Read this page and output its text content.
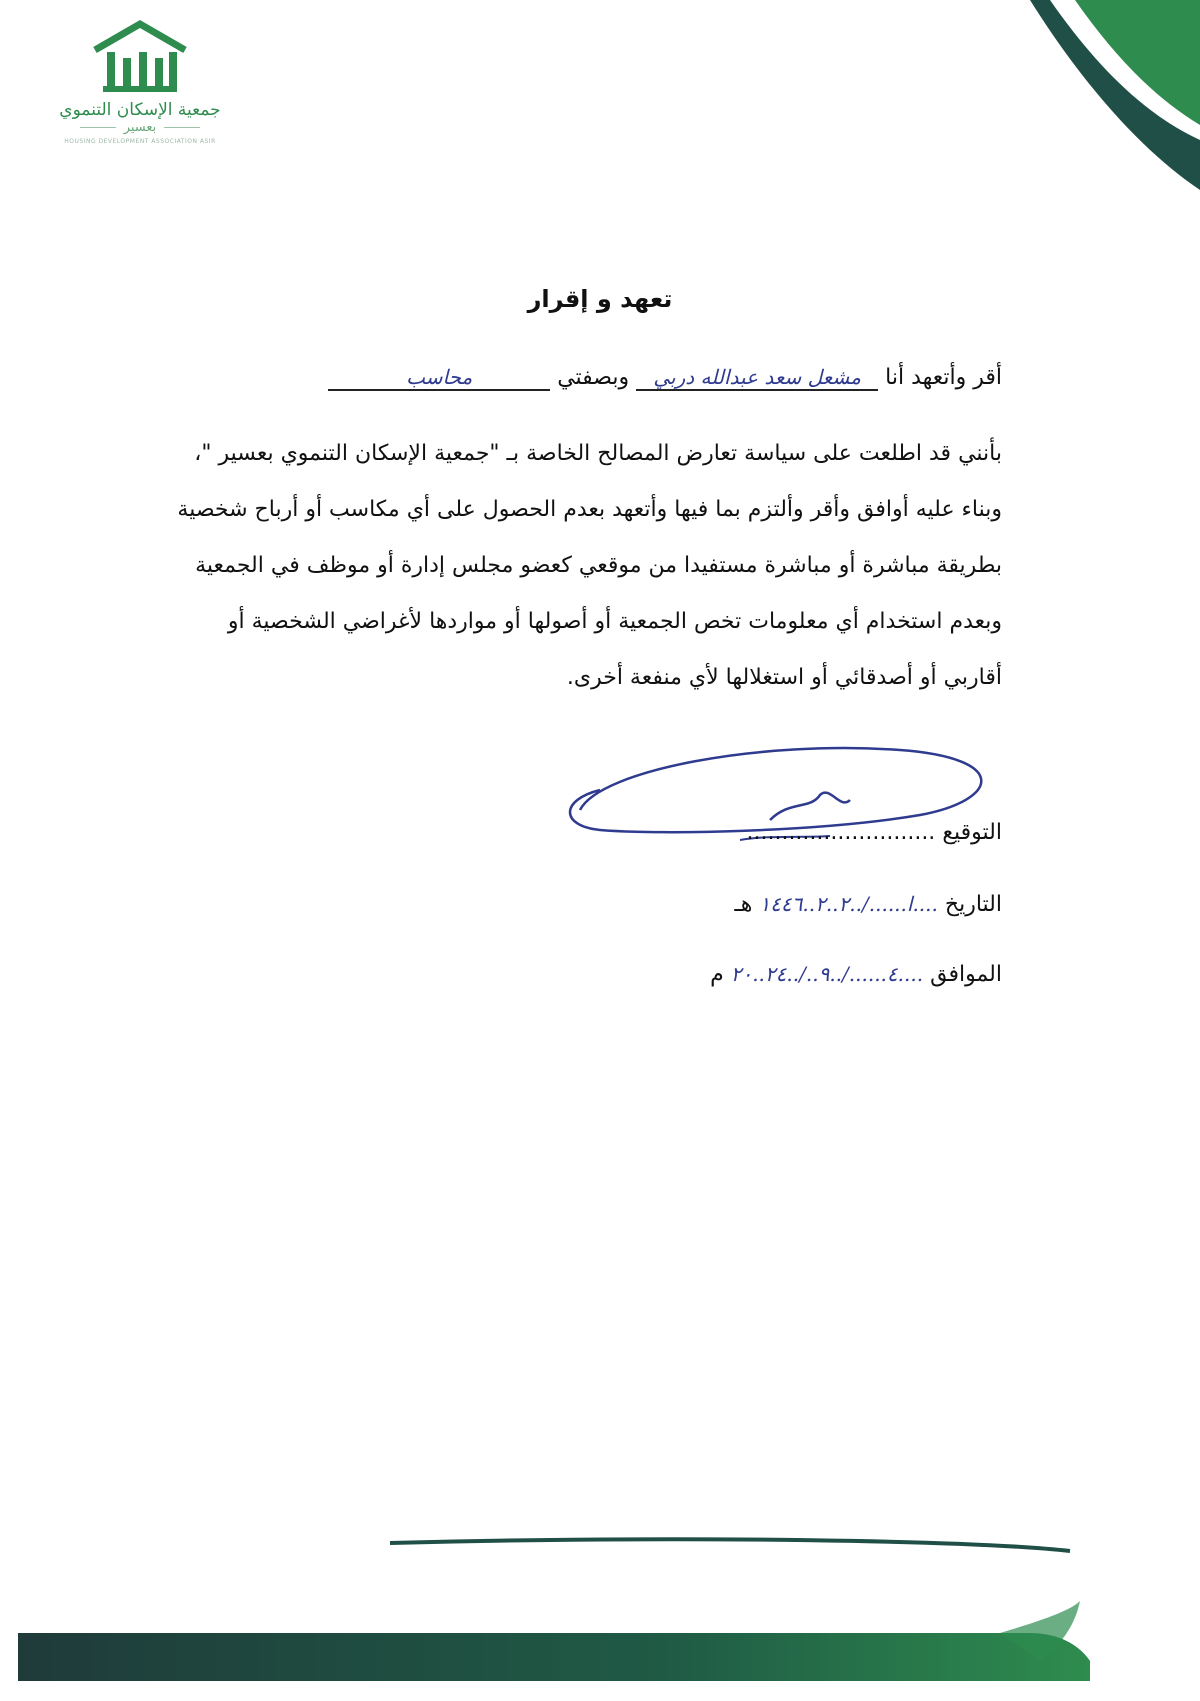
جمعية الإسكان التنموي
بعسير
HOUSING DEVELOPMENT ASSOCIATION ASIR
تعهد و إقرار
أقر وأتعهد أنا مشعل سعد عبدالله دربي وبصفتي محاسب

بأنني قد اطلعت على سياسة تعارض المصالح الخاصة بـ "جمعية الإسكان التنموي بعسير "،

وبناء عليه أوافق وأقر وألتزم بما فيها وأتعهد بعدم الحصول على أي مكاسب أو أرباح شخصية

بطريقة مباشرة أو مباشرة مستفيدا من موقعي كعضو مجلس إدارة أو موظف في الجمعية

وبعدم استخدام أي معلومات تخص الجمعية أو أصولها أو مواردها لأغراضي الشخصية أو

أقاربي أو أصدقائي أو استغلالها لأي منفعة أخرى.

التوقيع ...........................
التاريخ ....ا....../..٢..٢..١٤٤٦ هـ
الموافق ....٤....../..٩../..٢٤..٢٠ م
